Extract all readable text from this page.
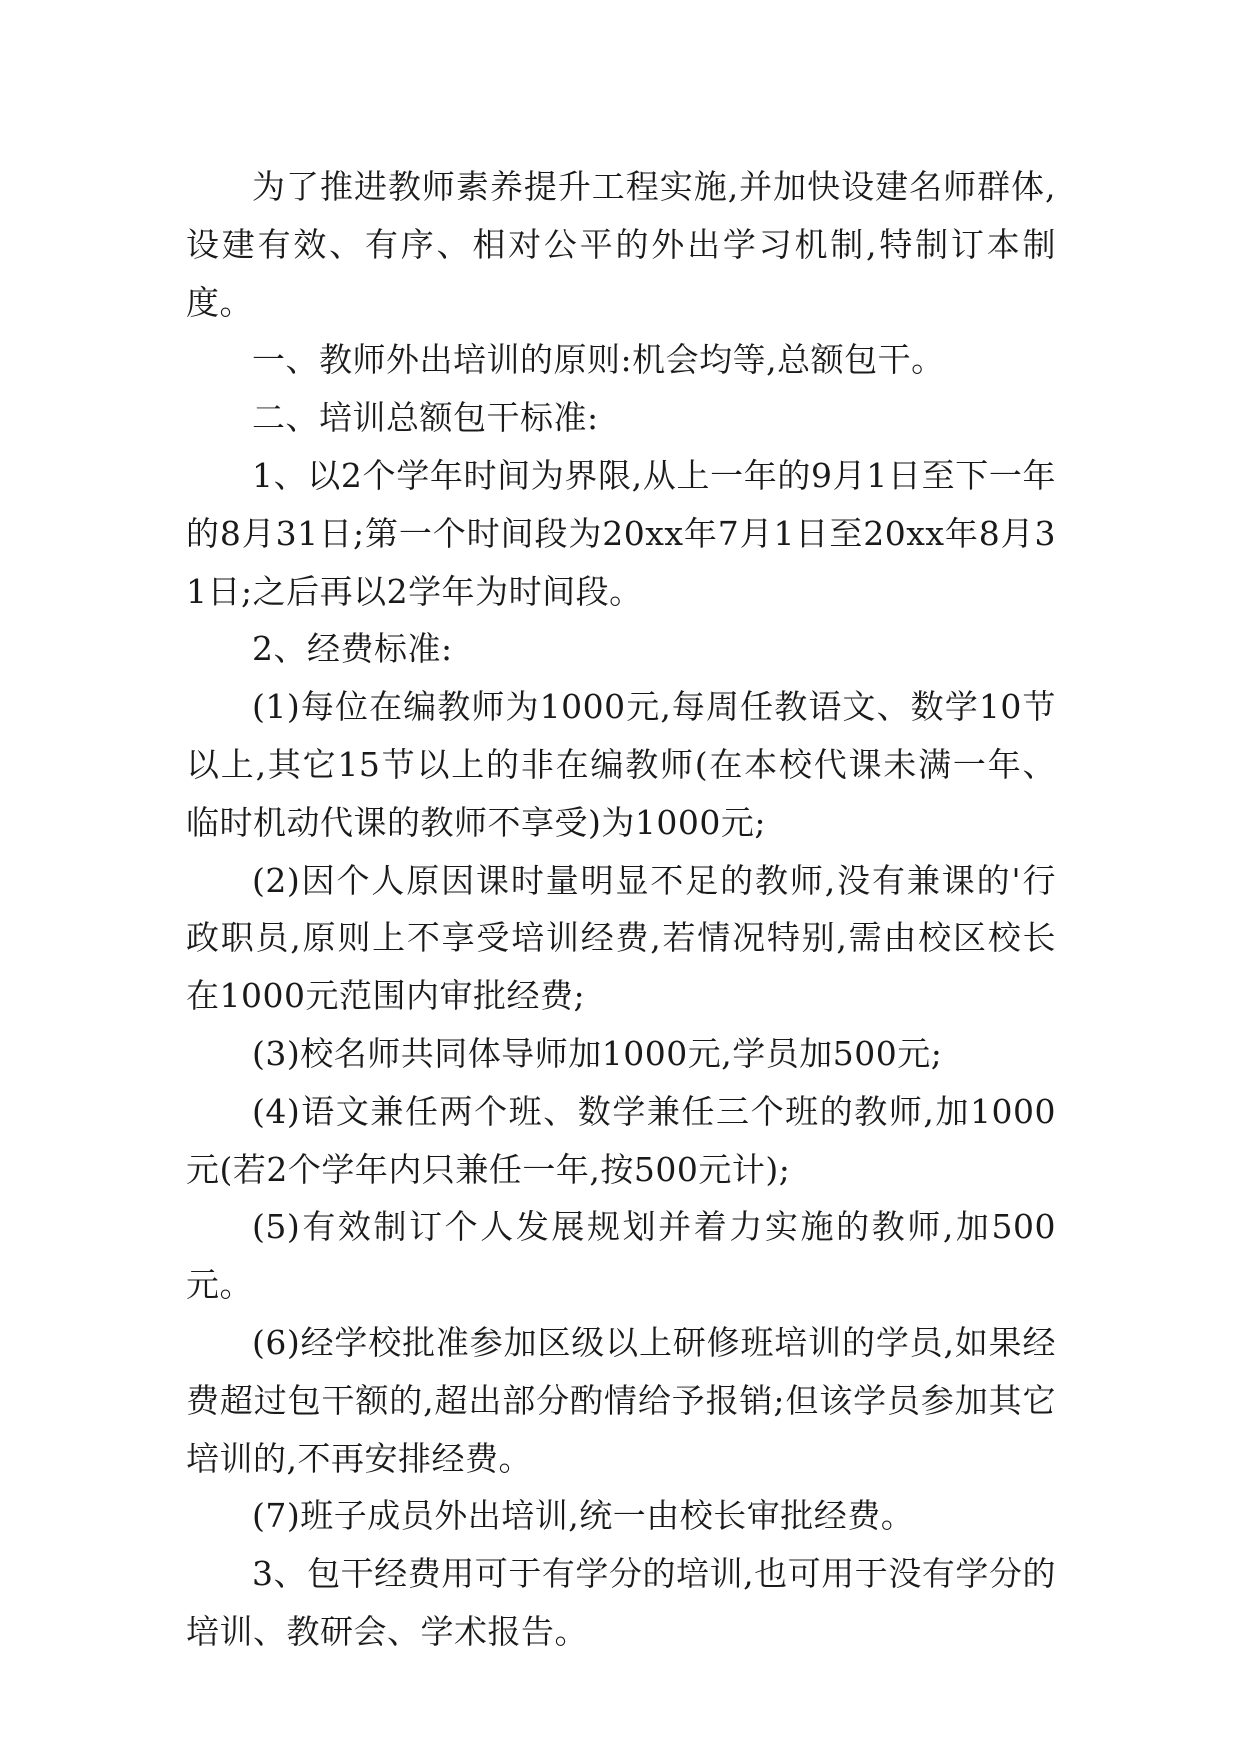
为了推进教师素养提升工程实施,并加快设建名师群体,设建有效、有序、相对公平的外出学习机制,特制订本制度。

一、教师外出培训的原则:机会均等,总额包干。

二、培训总额包干标准:

1、以2个学年时间为界限,从上一年的9月1日至下一年的8月31日;第一个时间段为20xx年7月1日至20xx年8月31日;之后再以2学年为时间段。

2、经费标准:

(1)每位在编教师为1000元,每周任教语文、数学10节以上,其它15节以上的非在编教师(在本校代课未满一年、临时机动代课的教师不享受)为1000元;

(2)因个人原因课时量明显不足的教师,没有兼课的'行政职员,原则上不享受培训经费,若情况特别,需由校区校长在1000元范围内审批经费;

(3)校名师共同体导师加1000元,学员加500元;

(4)语文兼任两个班、数学兼任三个班的教师,加1000元(若2个学年内只兼任一年,按500元计);

(5)有效制订个人发展规划并着力实施的教师,加500元。

(6)经学校批准参加区级以上研修班培训的学员,如果经费超过包干额的,超出部分酌情给予报销;但该学员参加其它培训的,不再安排经费。

(7)班子成员外出培训,统一由校长审批经费。

3、包干经费用可于有学分的培训,也可用于没有学分的培训、教研会、学术报告。
